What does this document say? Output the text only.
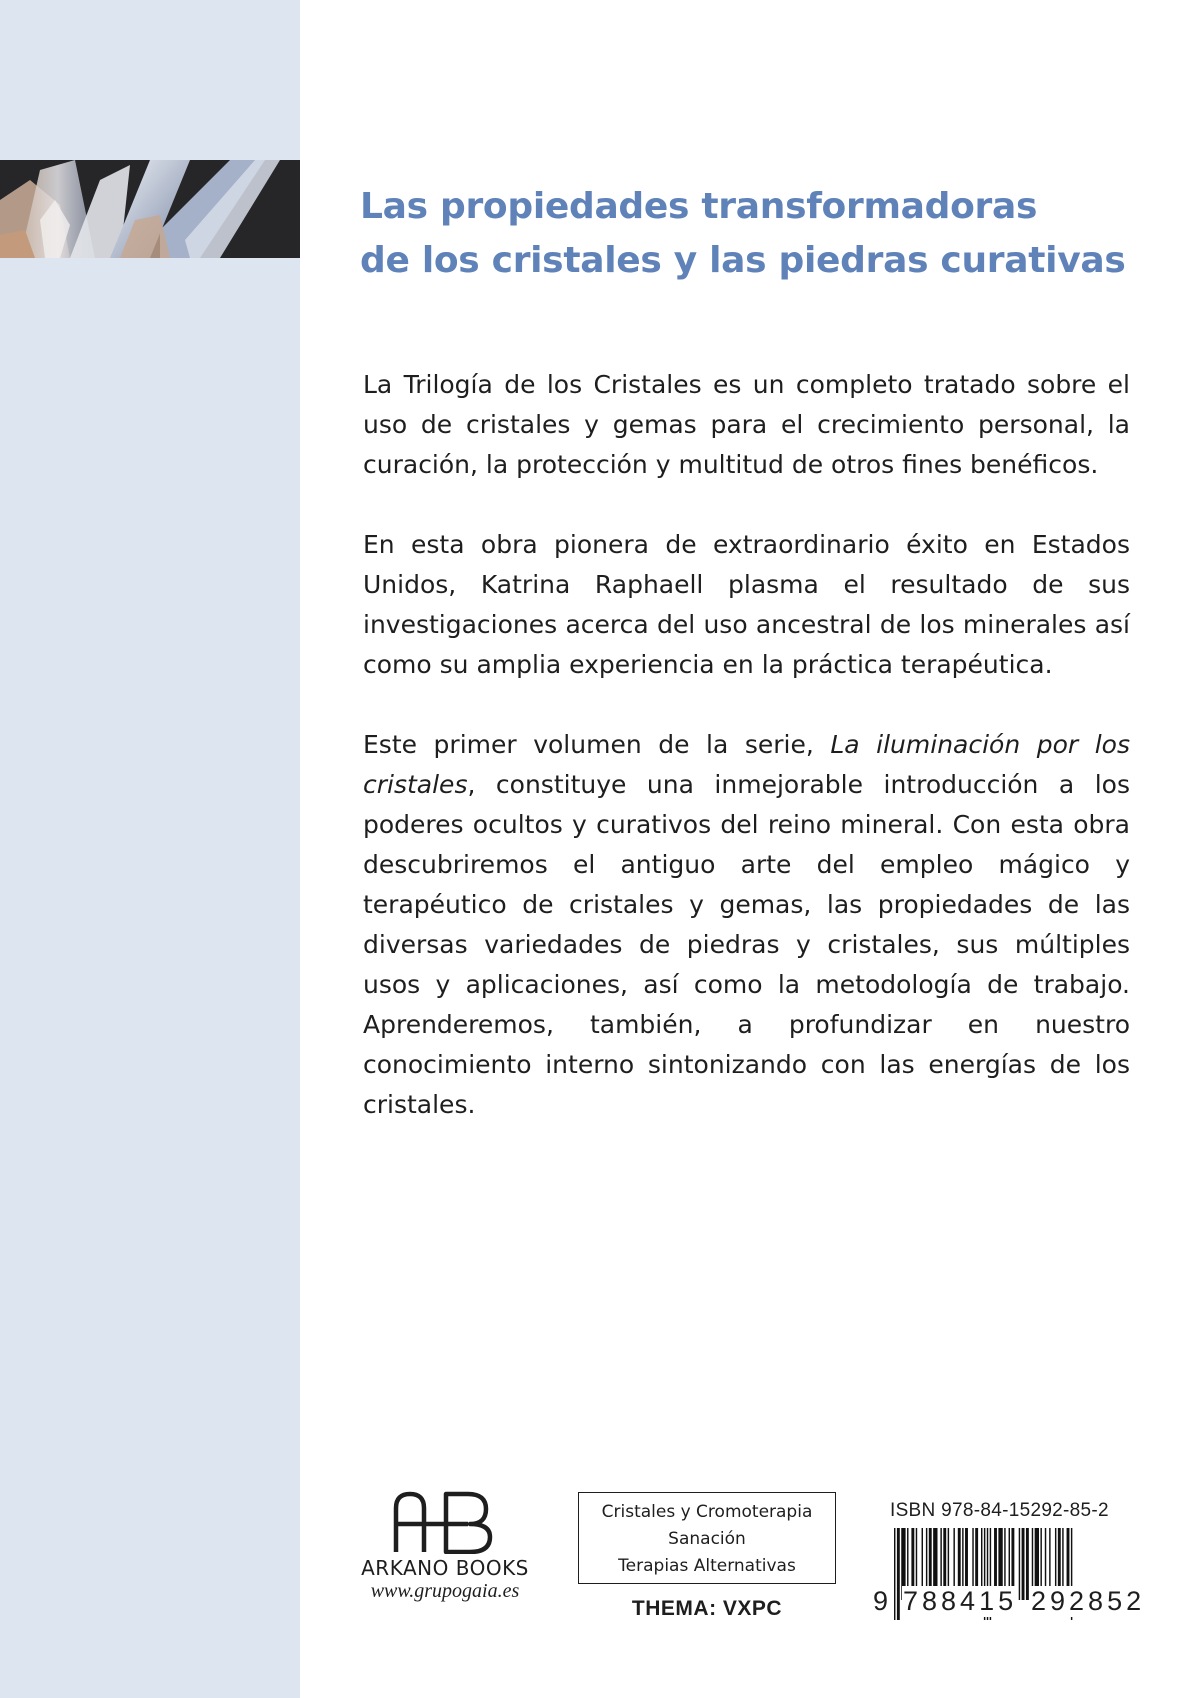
Las propiedades transformadoras
de los cristales y las piedras curativas

La Trilogía de los Cristales es un completo tratado sobre el uso de cristales y gemas para el crecimiento personal, la curación, la protección y multitud de otros fines benéficos.

En esta obra pionera de extraordinario éxito en Estados Unidos, Katrina Raphaell plasma el resultado de sus investigaciones acerca del uso ancestral de los minerales así como su amplia experiencia en la práctica terapéutica.

Este primer volumen de la serie, La iluminación por los cristales, constituye una inmejorable introducción a los poderes ocultos y curativos del reino mineral. Con esta obra descubriremos el antiguo arte del empleo mágico y terapéutico de cristales y gemas, las propiedades de las diversas variedades de piedras y cristales, sus múltiples usos y aplicaciones, así como la metodología de trabajo. Aprenderemos, también, a profundizar en nuestro conocimiento interno sintonizando con las energías de los cristales.

ARKANO BOOKS
www.grupogaia.es
Cristales y Cromoterapia
Sanación
Terapias Alternativas
THEMA: VXPC
ISBN 978-84-15292-85-2
9 788415 292852
